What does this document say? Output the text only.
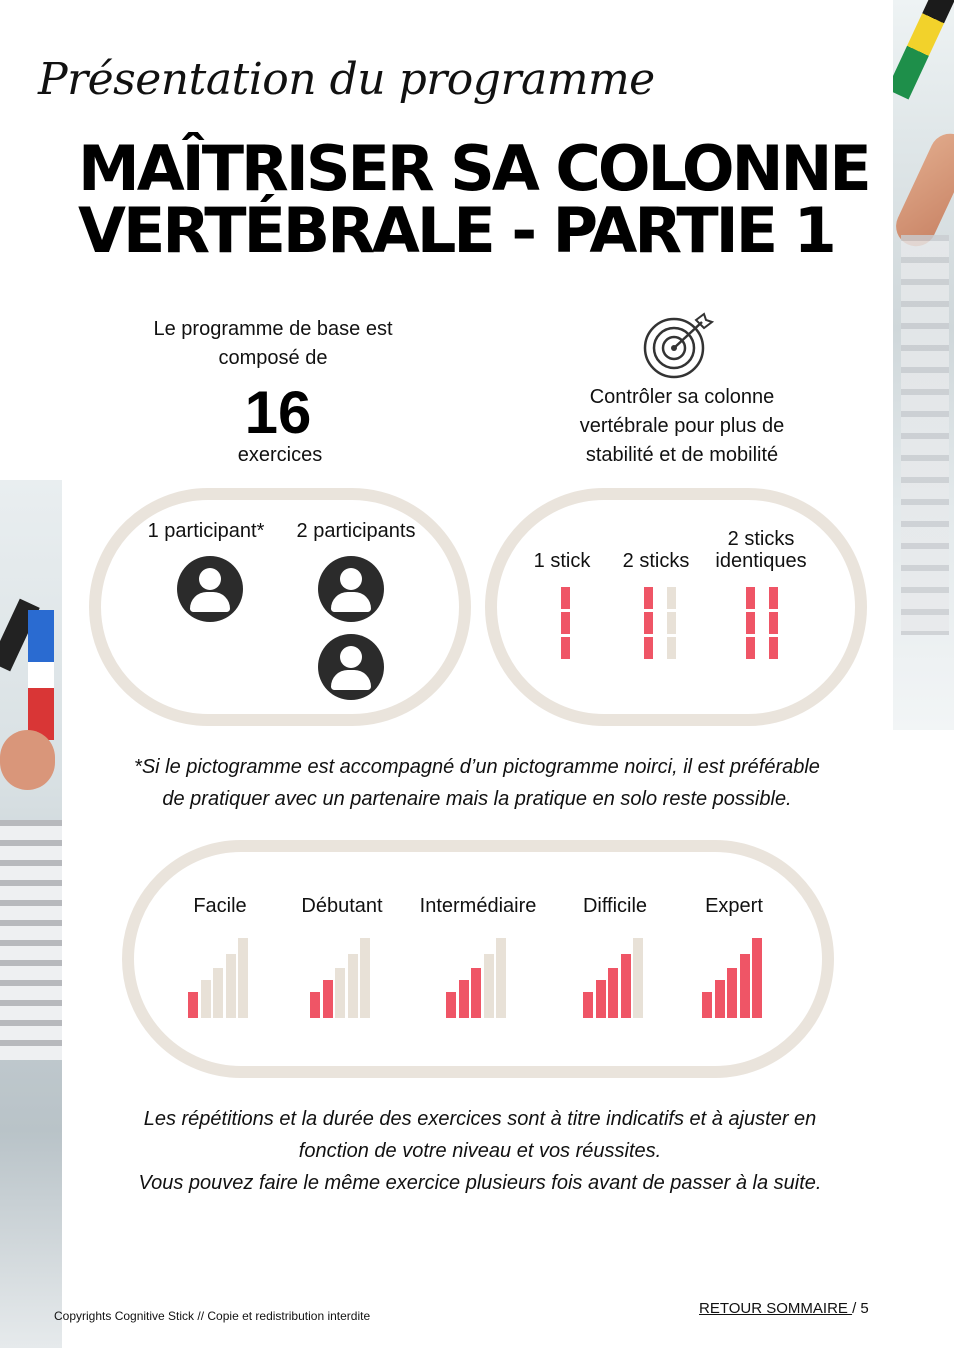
Présentation du programme
MAÎTRISER SA COLONNE
VERTÉBRALE - PARTIE 1
Le programme de base est
composé de
16
exercices
Contrôler sa colonne
vertébrale pour plus de
stabilité et de mobilité
1 participant*	2 participants
1 stick	2 sticks
2 sticks
identiques
*Si le pictogramme est accompagné d’un pictogramme noirci, il est préférable
de pratiquer avec un partenaire mais la pratique en solo reste possible.
Facile	Débutant	Intermédiaire	Difficile	Expert
Les répétitions et la durée des exercices sont à titre indicatifs et à ajuster en
fonction de votre niveau et vos réussites.
Vous pouvez faire le même exercice plusieurs fois avant de passer à la suite.
Copyrights Cognitive Stick // Copie et redistribution interdite	RETOUR SOMMAIRE / 5
